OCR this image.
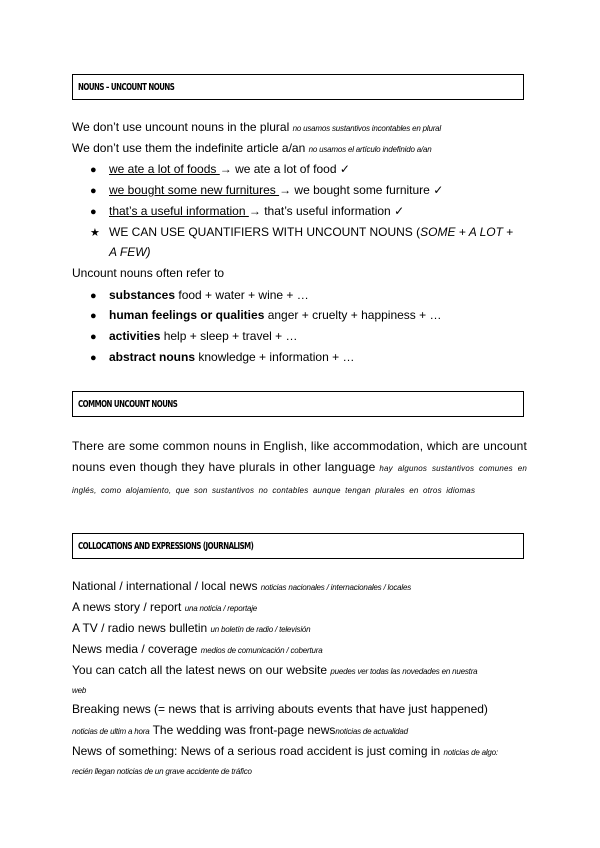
NOUNS – UNCOUNT NOUNS
We don’t use uncount nouns in the plural no usamos sustantivos incontables en plural
We don’t use them the indefinite article a/an no usamos el artículo indefinido a/an
● we ate a lot of foods → we ate a lot of food ✓
● we bought some new furnitures → we bought some furniture ✓
● that’s a useful information → that’s useful information ✓
★ WE CAN USE QUANTIFIERS WITH UNCOUNT NOUNS (SOME + A LOT +
A FEW)
Uncount nouns often refer to
● substances food + water + wine + …
● human feelings or qualities anger + cruelty + happiness + …
● activities help + sleep + travel + …
● abstract nouns knowledge + information + …
COMMON UNCOUNT NOUNS
There are some common nouns in English, like accommodation, which are uncount nouns even though they have plurals in other language hay algunos sustantivos comunes en inglés, como alojamiento, que son sustantivos no contables aunque tengan plurales en otros idiomas
COLLOCATIONS AND EXPRESSIONS (JOURNALISM)
National / international / local news noticias nacionales / internacionales / locales
A news story / report una noticia / reportaje
A TV / radio news bulletin un boletín de radio / televisión
News media / coverage medios de comunicación / cobertura
You can catch all the latest news on our website puedes ver todas las novedades en nuestra
web
Breaking news (= news that is arriving abouts events that have just happened)
noticias de ultim a hora The wedding was front-page newsnoticias de actualidad
News of something: News of a serious road accident is just coming in noticias de algo:
recién llegan noticias de un grave accidente de tráfico
